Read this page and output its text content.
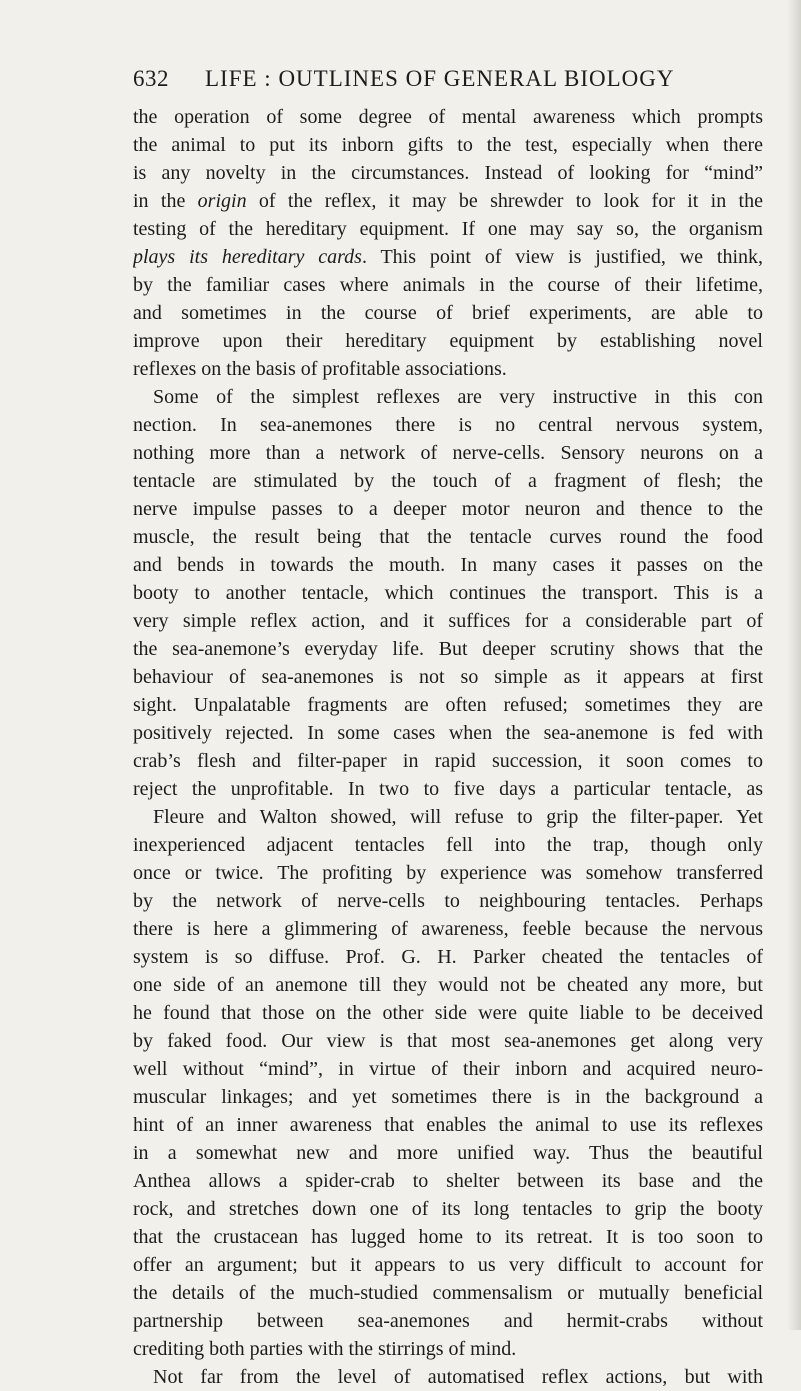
632 LIFE : OUTLINES OF GENERAL BIOLOGY
the operation of some degree of mental awareness which prompts
the animal to put its inborn gifts to the test, especially when there
is any novelty in the circumstances. Instead of looking for “mind”
in the origin of the reflex, it may be shrewder to look for it in the
testing of the hereditary equipment. If one may say so, the organism
plays its hereditary cards. This point of view is justified, we think,
by the familiar cases where animals in the course of their lifetime,
and sometimes in the course of brief experiments, are able to
improve upon their hereditary equipment by establishing novel
reflexes on the basis of profitable associations.
Some of the simplest reflexes are very instructive in this con
nection. In sea-anemones there is no central nervous system,
nothing more than a network of nerve-cells. Sensory neurons on a
tentacle are stimulated by the touch of a fragment of flesh; the
nerve impulse passes to a deeper motor neuron and thence to the
muscle, the result being that the tentacle curves round the food
and bends in towards the mouth. In many cases it passes on the
booty to another tentacle, which continues the transport. This is a
very simple reflex action, and it suffices for a considerable part of
the sea-anemone’s everyday life. But deeper scrutiny shows that the
behaviour of sea-anemones is not so simple as it appears at first
sight. Unpalatable fragments are often refused; sometimes they are
positively rejected. In some cases when the sea-anemone is fed with
crab’s flesh and filter-paper in rapid succession, it soon comes to
reject the unprofitable. In two to five days a particular tentacle, as
Fleure and Walton showed, will refuse to grip the filter-paper. Yet
inexperienced adjacent tentacles fell into the trap, though only
once or twice. The profiting by experience was somehow transferred
by the network of nerve-cells to neighbouring tentacles. Perhaps
there is here a glimmering of awareness, feeble because the nervous
system is so diffuse. Prof. G. H. Parker cheated the tentacles of
one side of an anemone till they would not be cheated any more, but
he found that those on the other side were quite liable to be deceived
by faked food. Our view is that most sea-anemones get along very
well without “mind”, in virtue of their inborn and acquired neuro-
muscular linkages; and yet sometimes there is in the background a
hint of an inner awareness that enables the animal to use its reflexes
in a somewhat new and more unified way. Thus the beautiful
Anthea allows a spider-crab to shelter between its base and the
rock, and stretches down one of its long tentacles to grip the booty
that the crustacean has lugged home to its retreat. It is too soon to
offer an argument; but it appears to us very difficult to account for
the details of the much-studied commensalism or mutually beneficial
partnership between sea-anemones and hermit-crabs without
crediting both parties with the stirrings of mind.
Not far from the level of automatised reflex actions, but with
